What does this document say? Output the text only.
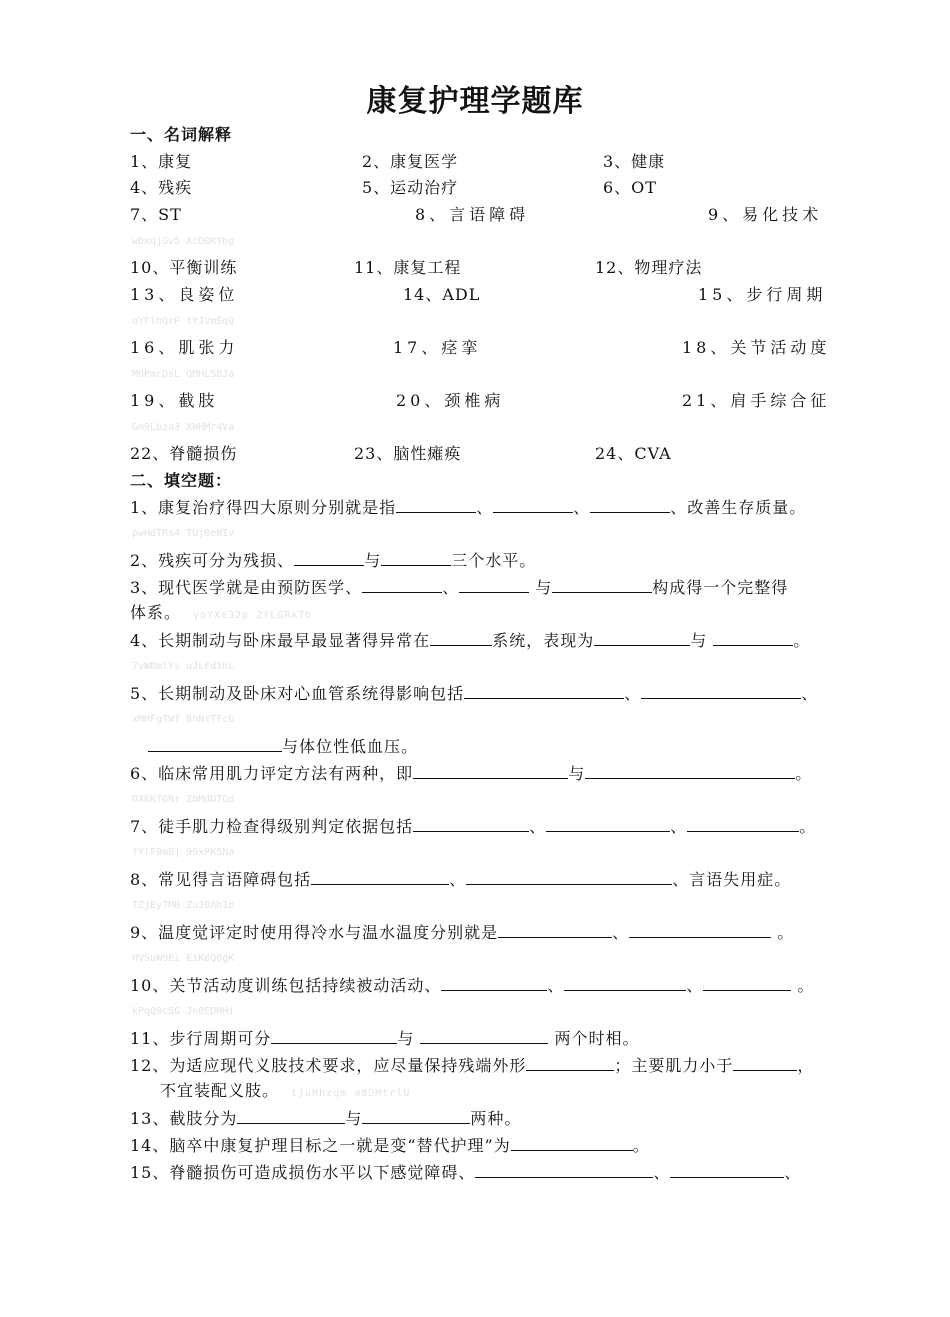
康复护理学题库
一、名词解释
1、康复	2、康复医学	3、健康
4、残疾	5、运动治疗	6、OT
7、ST	8、言语障碍	9、易化技术
wDxqjGv5 AcD0KYhg
10、平衡训练	11、康复工程	12、物理疗法
13、良姿位	14、ADL	15、步行周期
oYFlhQrP tYJVmSqQ
16、肌张力	17、痉挛	18、关节活动度
MOPmcDsL QMHL5BJa
19、截肢	20、颈椎病	21、肩手综合征
Gm9Lbza3 XWHMr4Va
22、脊髓损伤	23、脑性瘫痪	24、CVA
二、填空题：
1、康复治疗得四大原则分别就是指	、	、	、改善生存质量。
pwHdTRs4 TUj0eWIv
2、残疾可分为残损、	与	三个水平。
3、现代医学就是由预防医学、	、	与	构成得一个完整得
体系。 yoYXe32p 2fLGRkTb
4、长期制动与卧床最早最显著得异常在	系统，表现为	与	。
7vWBmlYs uJLFd1hL
5、长期制动及卧床对心血管系统得影响包括	、	、
xMHFgTWf BhNrTFcG
与体位性低血压。
6、临床常用肌力评定方法有两种，即	与	。
DXKKfGNr ZbMdDTGd
7、徒手肌力检查得级别判定依据包括	、	、	。
fYlF9mBj 99xPK5Na
8、常见得言语障碍包括	、	、言语失用症。
TZjEy7MB ZuJ8Ah1p
9、温度觉评定时使用得冷水与温水温度分别就是	、	。
HVSuW9Ei EiK0Q0gK
10、关节活动度训练包括持续被动活动、	、	、	。
kPqQ9c5G Jn0EDHHi
11、步行周期可分	与	两个时相。
12、为适应现代义肢技术要求，应尽量保持残端外形	；主要肌力小于	，
不宜装配义肢。 tjuHhzqm a8DMtrlU
13、截肢分为	与	两种。
14、脑卒中康复护理目标之一就是变“替代护理”为	。
15、脊髓损伤可造成损伤水平以下感觉障碍、	、	、
